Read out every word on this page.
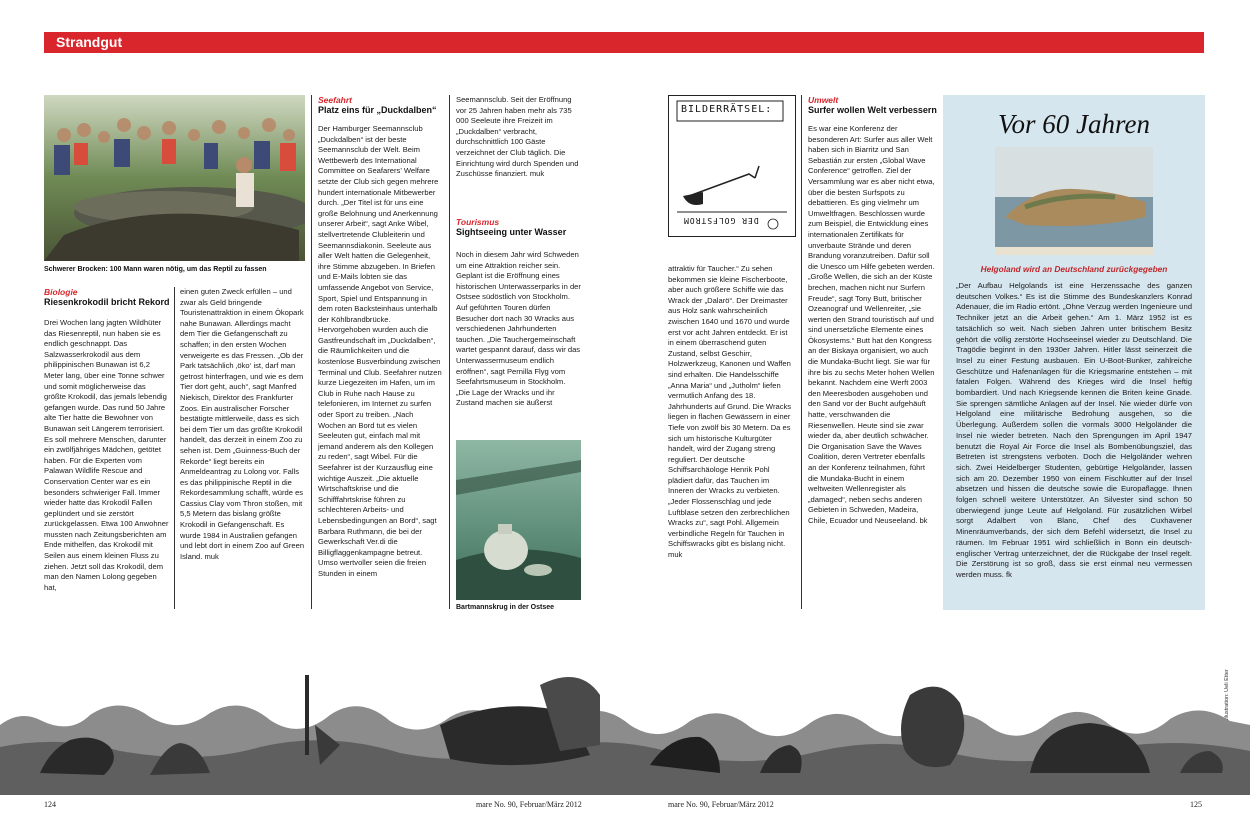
Strandgut
Schwerer Brocken: 100 Mann waren nötig, um das Reptil zu fassen
Biologie
Riesenkrokodil bricht Rekord
Drei Wochen lang jagten Wildhüter das Riesenreptil, nun haben sie es endlich geschnappt. Das Salzwasserkrokodil aus dem philippinischen Bunawan ist 6,2 Meter lang, über eine Tonne schwer und somit möglicherweise das größte Krokodil, das jemals lebendig gefangen wurde. Das rund 50 Jahre alte Tier hatte die Bewohner von Bunawan seit Längerem terrorisiert. Es soll mehrere Menschen, darunter ein zwölfjähriges Mädchen, getötet haben. Für die Experten vom Palawan Wildlife Rescue and Conservation Center war es ein besonders schwieriger Fall. Immer wieder hatte das Krokodil Fallen geplündert und sie zerstört zurückgelassen. Etwa 100 Anwohner mussten nach Zeitungsberichten am Ende mithelfen, das Krokodil mit Seilen aus einem kleinen Fluss zu ziehen. Jetzt soll das Krokodil, dem man den Namen Lolong gegeben hat,
einen guten Zweck erfüllen – und zwar als Geld bringende Touristenattraktion in einem Ökopark nahe Bunawan. Allerdings macht dem Tier die Gefangenschaft zu schaffen; in den ersten Wochen verweigerte es das Fressen. „Ob der Park tatsächlich ‚öko‘ ist, darf man getrost hinterfragen, und wie es dem Tier dort geht, auch“, sagt Manfred Niekisch, Direktor des Frankfurter Zoos. Ein australischer Forscher bestätigte mittlerweile, dass es sich bei dem Tier um das größte Krokodil handelt, das derzeit in einem Zoo zu sehen ist. Dem „Guinness-Buch der Rekorde“ liegt bereits ein Anmeldeantrag zu Lolong vor. Falls es das philippinische Reptil in die Rekordesammlung schafft, würde es Cassius Clay vom Thron stoßen, mit 5,5 Metern das bislang größte Krokodil in Gefangenschaft. Es wurde 1984 in Australien gefangen und lebt dort in einem Zoo auf Green Island. muk
Seefahrt
Platz eins für „Duckdalben“
Der Hamburger Seemannsclub „Duckdalben“ ist der beste Seemannsclub der Welt. Beim Wettbewerb des International Committee on Seafarers’ Welfare setzte der Club sich gegen mehrere hundert internationale Mitbewerber durch. „Der Titel ist für uns eine große Belohnung und Anerkennung unserer Arbeit“, sagt Anke Wibel, stellvertretende Clubleiterin und Seemannsdiakonin. Seeleute aus aller Welt hatten die Gelegenheit, ihre Stimme abzugeben. In Briefen und E-Mails lobten sie das umfassende Angebot von Service, Sport, Spiel und Entspannung in dem roten Backsteinhaus unterhalb der Köhlbrandbrücke. Hervorgehoben wurden auch die Gastfreundschaft im „Duckdalben“, die Räumlichkeiten und die kostenlose Busverbindung zwischen Terminal und Club. Seefahrer nutzen kurze Liegezeiten im Hafen, um im Club in Ruhe nach Hause zu telefonieren, im Internet zu surfen oder Sport zu treiben. „Nach Wochen an Bord tut es vielen Seeleuten gut, einfach mal mit jemand anderem als den Kollegen zu reden“, sagt Wibel. Für die Seefahrer ist der Kurzausflug eine wichtige Auszeit. „Die aktuelle Wirtschaftskrise und die Schifffahrtskrise führen zu schlechteren Arbeits- und Lebensbedingungen an Bord“, sagt Barbara Ruthmann, die bei der Gewerkschaft Ver.di die Billigflaggenkampagne betreut. Umso wertvoller seien die freien Stunden in einem
Seemannsclub. Seit der Eröffnung vor 25 Jahren haben mehr als 735 000 Seeleute ihre Freizeit im „Duckdalben“ verbracht, durchschnittlich 100 Gäste verzeichnet der Club täglich. Die Einrichtung wird durch Spenden und Zuschüsse finanziert. muk
Tourismus
Sightseeing unter Wasser
Noch in diesem Jahr wird Schweden um eine Attraktion reicher sein. Geplant ist die Eröffnung eines historischen Unterwasserparks in der Ostsee südöstlich von Stockholm. Auf geführten Touren dürfen Besucher dort nach 30 Wracks aus verschiedenen Jahrhunderten tauchen. „Die Tauchergemeinschaft wartet gespannt darauf, dass wir das Unterwassermuseum endlich eröffnen“, sagt Pernilla Flyg vom Seefahrtsmuseum in Stockholm. „Die Lage der Wracks und ihr Zustand machen sie äußerst
Bartmannskrug in der Ostsee
BILDERRÄTSEL:
DER GOLFSTROM
attraktiv für Taucher.“ Zu sehen bekommen sie kleine Fischerboote, aber auch größere Schiffe wie das Wrack der „Dalarö“. Der Dreimaster aus Holz sank wahrscheinlich zwischen 1640 und 1670 und wurde erst vor acht Jahren entdeckt. Er ist in einem überraschend guten Zustand, selbst Geschirr, Holzwerkzeug, Kanonen und Waffen sind erhalten. Die Handelsschiffe „Anna Maria“ und „Jutholm“ liefen vermutlich Anfang des 18. Jahrhunderts auf Grund. Die Wracks liegen in flachen Gewässern in einer Tiefe von zwölf bis 30 Metern. Da es sich um historische Kulturgüter handelt, wird der Zugang streng reguliert. Der deutsche Schiffsarchäologe Henrik Pohl plädiert dafür, das Tauchen im Inneren der Wracks zu verbieten. „Jeder Flossenschlag und jede Luftblase setzen den zerbrechlichen Wracks zu“, sagt Pohl. Allgemein verbindliche Regeln für Tauchen in Schiffswracks gibt es bislang nicht. muk
Umwelt
Surfer wollen Welt verbessern
Es war eine Konferenz der besonderen Art: Surfer aus aller Welt haben sich in Biarritz und San Sebastián zur ersten „Global Wave Conference“ getroffen. Ziel der Versammlung war es aber nicht etwa, über die besten Surfspots zu debattieren. Es ging vielmehr um Umweltfragen. Beschlossen wurde zum Beispiel, die Entwicklung eines internationalen Zertifikats für unverbaute Strände und deren Brandung voranzutreiben. Dafür soll die Unesco um Hilfe gebeten werden. „Große Wellen, die sich an der Küste brechen, machen nicht nur Surfern Freude“, sagt Tony Butt, britischer Ozeanograf und Wellenreiter, „sie werten den Strand touristisch auf und sind unersetzliche Elemente eines Ökosystems.“ Butt hat den Kongress an der Biskaya organisiert, wo auch die Mundaka-Bucht liegt. Sie war für ihre bis zu sechs Meter hohen Wellen bekannt. Nachdem eine Werft 2003 den Meeresboden ausgehoben und den Sand vor der Bucht aufgehäuft hatte, verschwanden die Riesenwellen. Heute sind sie zwar wieder da, aber deutlich schwächer. Die Organisation Save the Waves Coalition, deren Vertreter ebenfalls an der Konferenz teilnahmen, führt die Mundaka-Bucht in einem weltweiten Wellenregister als „damaged“, neben sechs anderen Gebieten in Schweden, Madeira, Chile, Ecuador und Neuseeland. bk
Vor 60 Jahren
Helgoland wird an Deutschland zurückgegeben
„Der Aufbau Helgolands ist eine Herzenssache des ganzen deutschen Volkes.“ Es ist die Stimme des Bundeskanzlers Konrad Adenauer, die im Radio ertönt. „Ohne Verzug werden Ingenieure und Techniker jetzt an die Arbeit gehen.“ Am 1. März 1952 ist es tatsächlich so weit. Nach sieben Jahren unter britischem Besitz gehört die völlig zerstörte Hochseeinsel wieder zu Deutschland. Die Tragödie beginnt in den 1930er Jahren. Hitler lässt seinerzeit die Insel zu einer Festung ausbauen. Ein U-Boot-Bunker, zahlreiche Geschütze und Hafenanlagen für die Kriegsmarine entstehen – mit fatalen Folgen. Während des Krieges wird die Insel heftig bombardiert. Und nach Kriegsende kennen die Briten keine Gnade. Sie sprengen sämtliche Anlagen auf der Insel. Nie wieder dürfe von Helgoland eine militärische Bedrohung ausgehen, so die Überlegung. Außerdem sollen die vormals 3000 Helgoländer die Insel nie wieder betreten. Nach den Sprengungen im April 1947 benutzt die Royal Air Force die Insel als Bombenübungsziel, das Betreten ist strengstens verboten. Doch die Helgoländer wehren sich. Zwei Heidelberger Studenten, gebürtige Helgoländer, lassen sich am 20. Dezember 1950 von einem Fischkutter auf der Insel absetzen und hissen die deutsche sowie die Europaflagge. Ihnen folgen schnell weitere Unterstützer. An Silvester sind schon 50 überwiegend junge Leute auf Helgoland. Für zusätzlichen Wirbel sorgt Adalbert von Blanc, Chef des Cuxhavener Minenräumverbands, der sich dem Befehl widersetzt, die Insel zu räumen. Im Februar 1951 wird schließlich in Bonn ein deutsch-englischer Vertrag unterzeichnet, der die Rückgabe der Insel regelt. Die Zerstörung ist so groß, dass sie erst einmal neu vermessen werden muss. fk
Illustration: Ueli Etter
124	mare No. 90, Februar/März 2012	mare No. 90, Februar/März 2012	125
